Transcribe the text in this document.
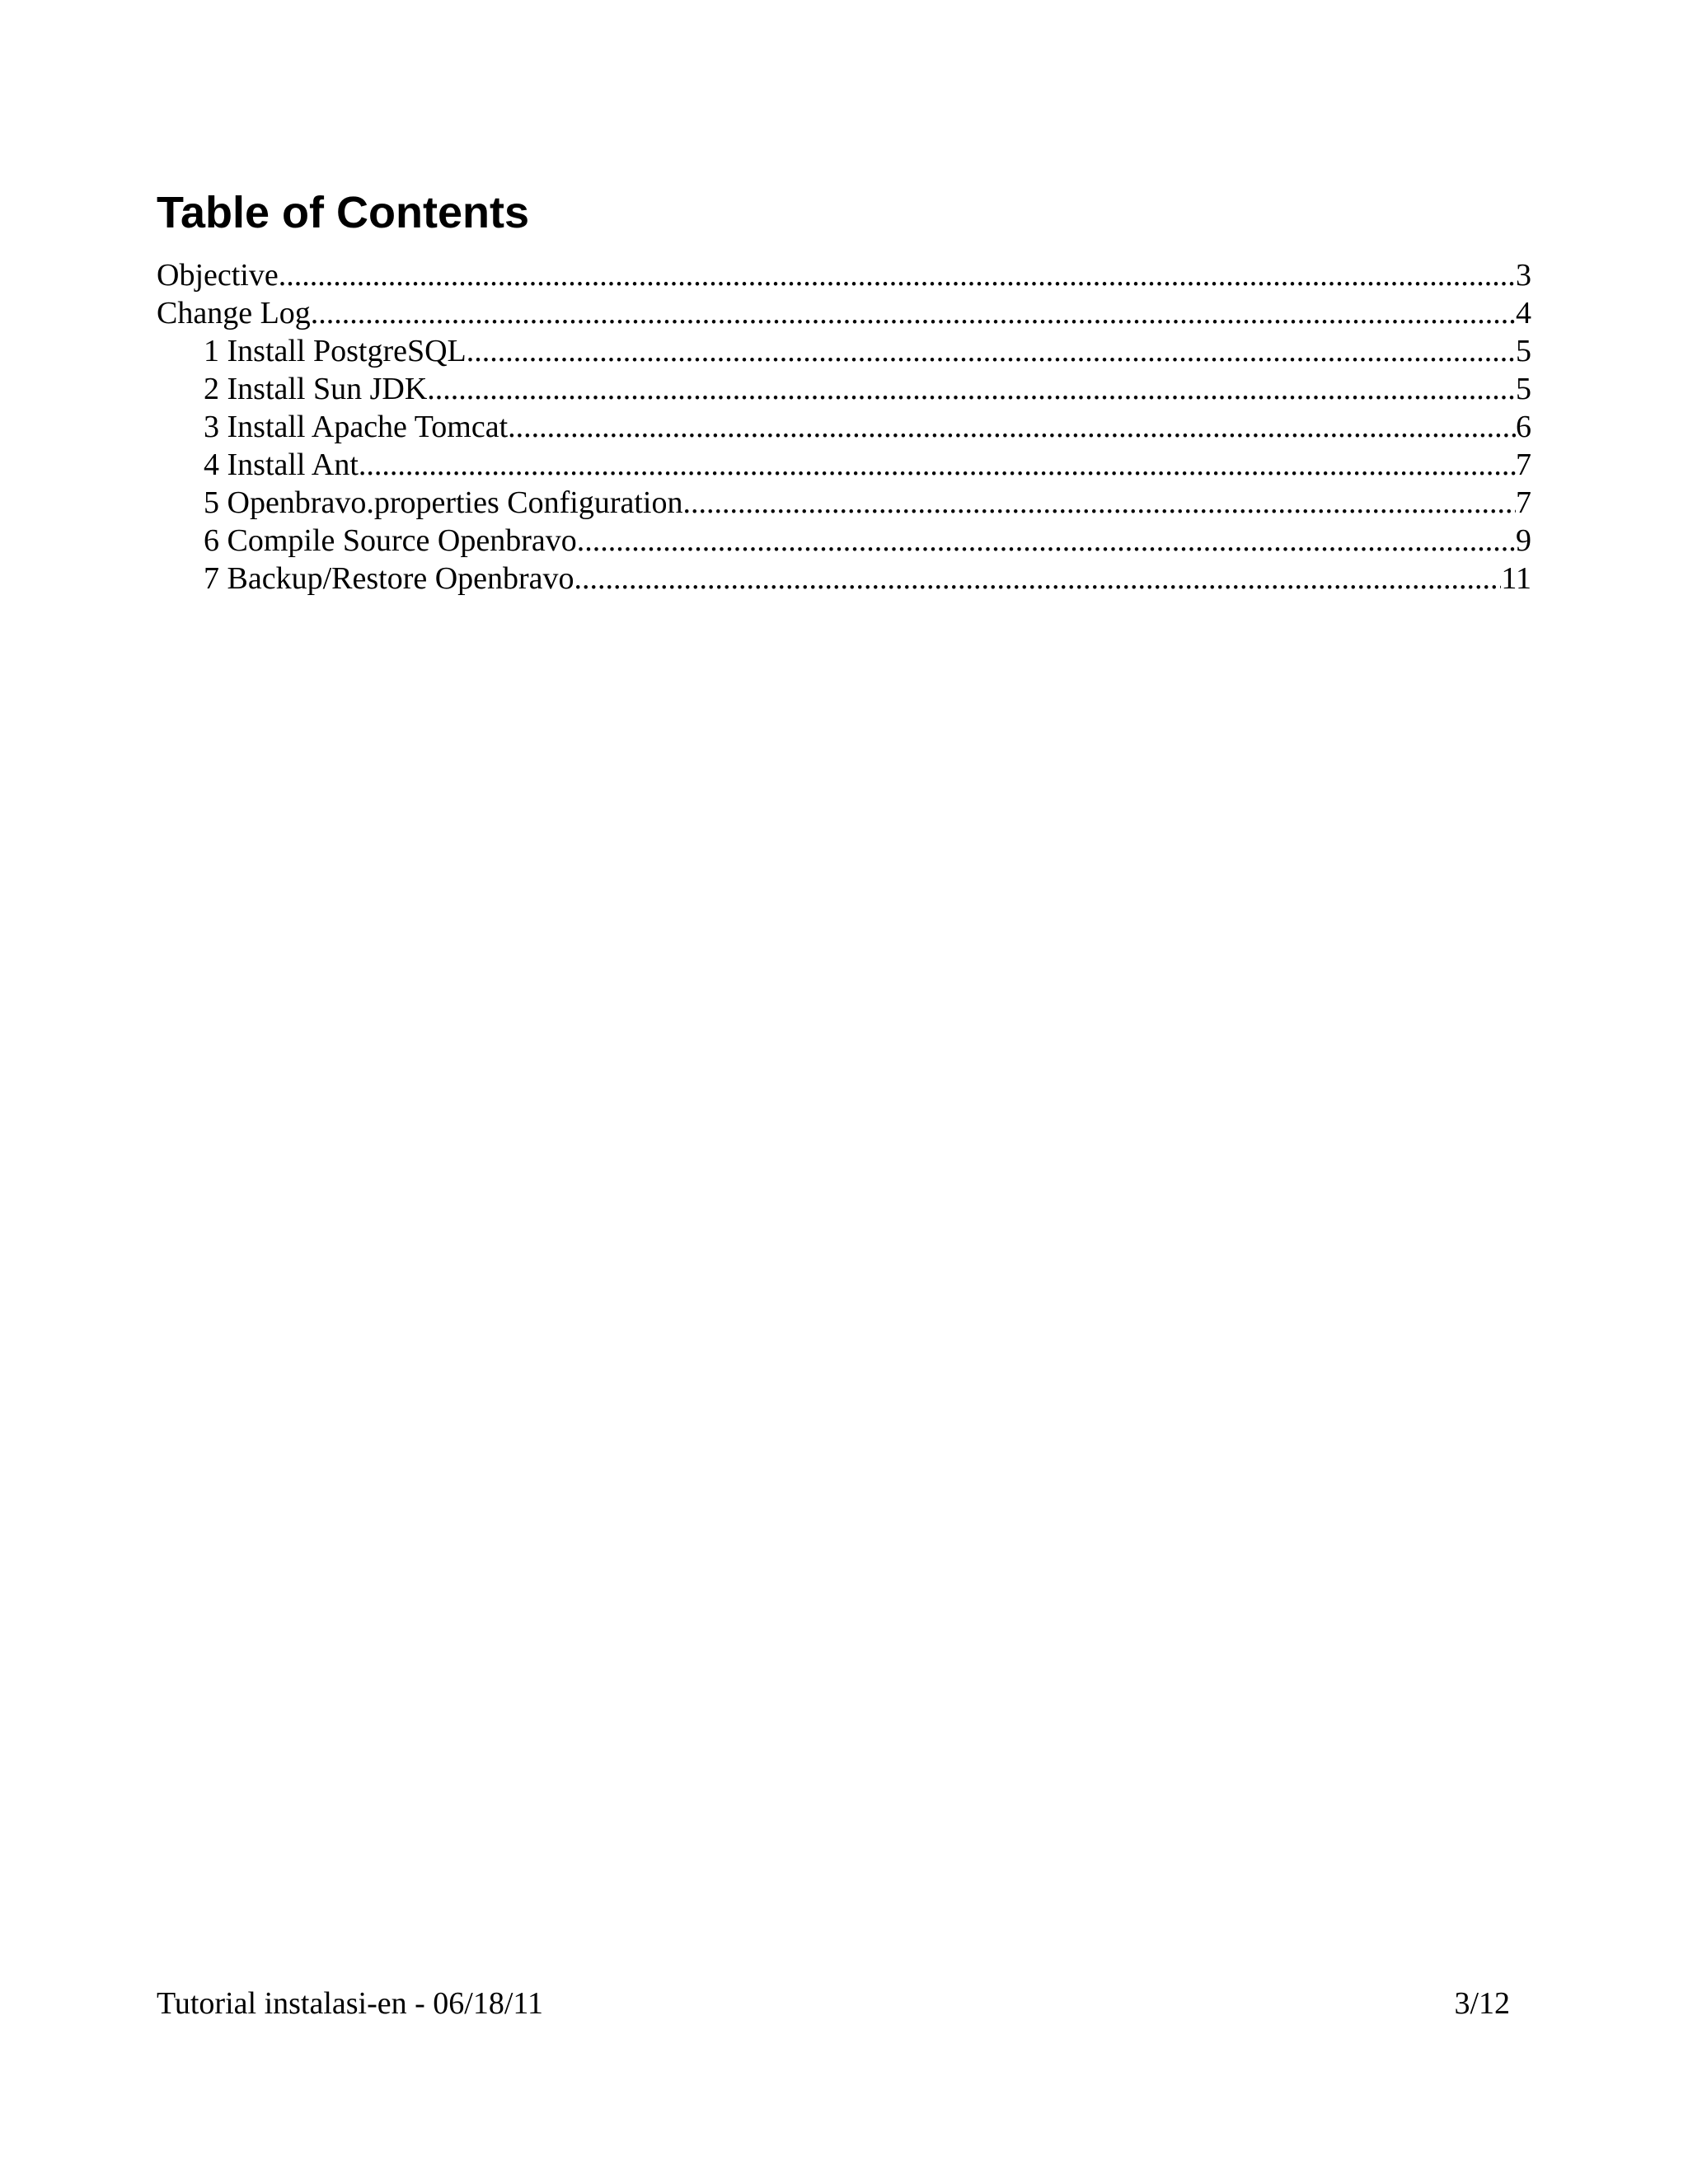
Table of Contents
Objective .....	3
Change Log .....	4
1 Install PostgreSQL .....	5
2 Install Sun JDK .....	5
3 Install Apache Tomcat .....	6
4 Install Ant .....	7
5 Openbravo.properties Configuration .....	7
6 Compile Source Openbravo .....	9
7 Backup/Restore Openbravo .....	11
Tutorial instalasi-en - 06/18/11	3/12
